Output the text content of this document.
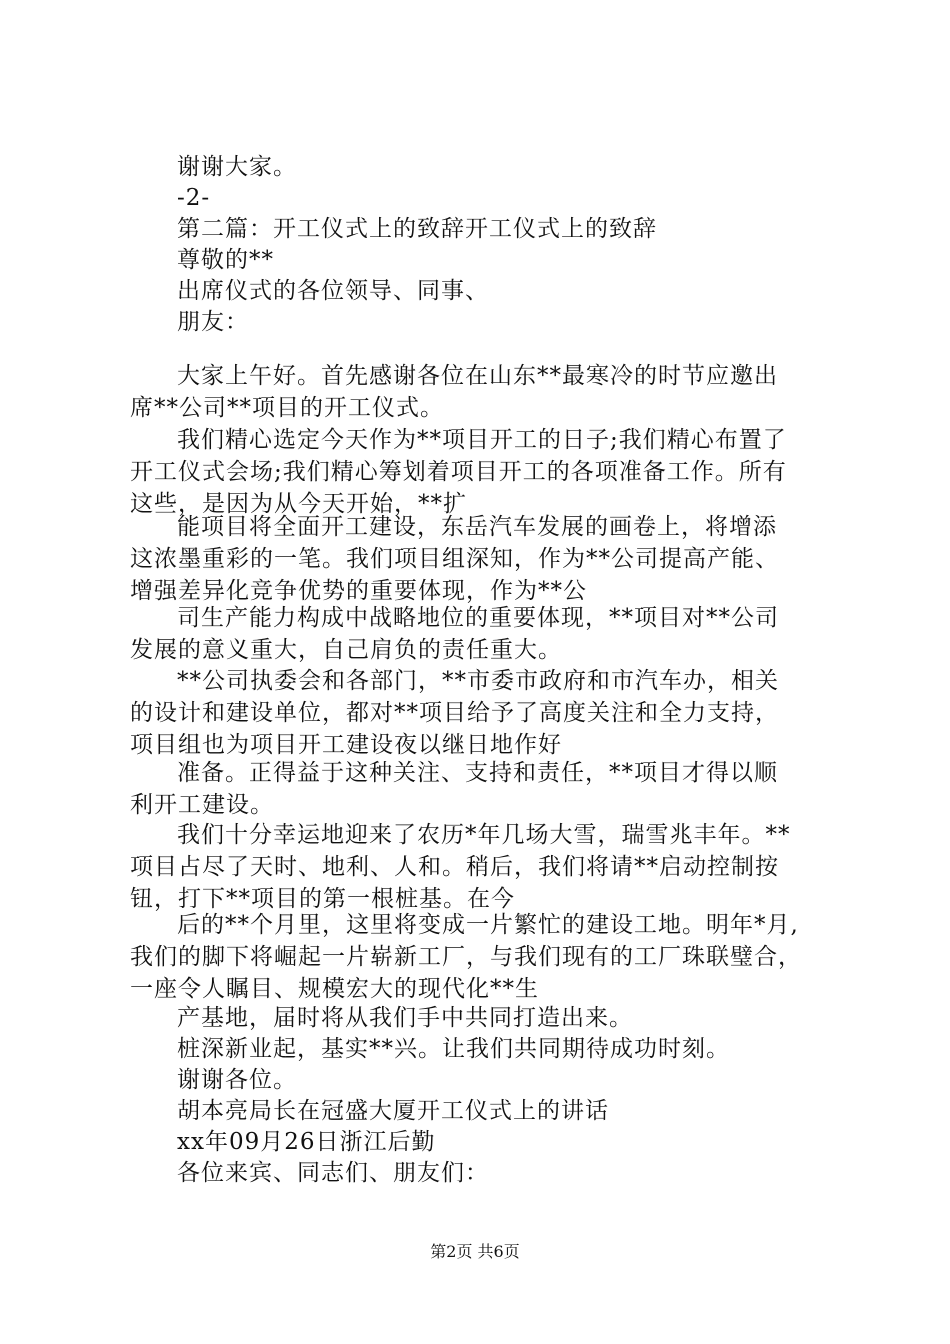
谢谢大家。
-2-
第二篇：开工仪式上的致辞开工仪式上的致辞
尊敬的**
出席仪式的各位领导、同事、
朋友：
大家上午好。首先感谢各位在山东**最寒冷的时节应邀出
席**公司**项目的开工仪式。
我们精心选定今天作为**项目开工的日子;我们精心布置了
开工仪式会场;我们精心筹划着项目开工的各项准备工作。所有
这些，是因为从今天开始，**扩
能项目将全面开工建设，东岳汽车发展的画卷上，将增添
这浓墨重彩的一笔。我们项目组深知，作为**公司提高产能、
增强差异化竞争优势的重要体现，作为**公
司生产能力构成中战略地位的重要体现，**项目对**公司
发展的意义重大，自己肩负的责任重大。
**公司执委会和各部门，**市委市政府和市汽车办，相关
的设计和建设单位，都对**项目给予了高度关注和全力支持，
项目组也为项目开工建设夜以继日地作好
准备。正得益于这种关注、支持和责任，**项目才得以顺
利开工建设。
我们十分幸运地迎来了农历*年几场大雪，瑞雪兆丰年。**
项目占尽了天时、地利、人和。稍后，我们将请**启动控制按
钮，打下**项目的第一根桩基。在今
后的**个月里，这里将变成一片繁忙的建设工地。明年*月,
我们的脚下将崛起一片崭新工厂，与我们现有的工厂珠联璧合，
一座令人瞩目、规模宏大的现代化**生
产基地，届时将从我们手中共同打造出来。
桩深新业起，基实**兴。让我们共同期待成功时刻。
谢谢各位。
胡本亮局长在冠盛大厦开工仪式上的讲话
xx年09月26日浙江后勤
各位来宾、同志们、朋友们：
第2页 共6页
